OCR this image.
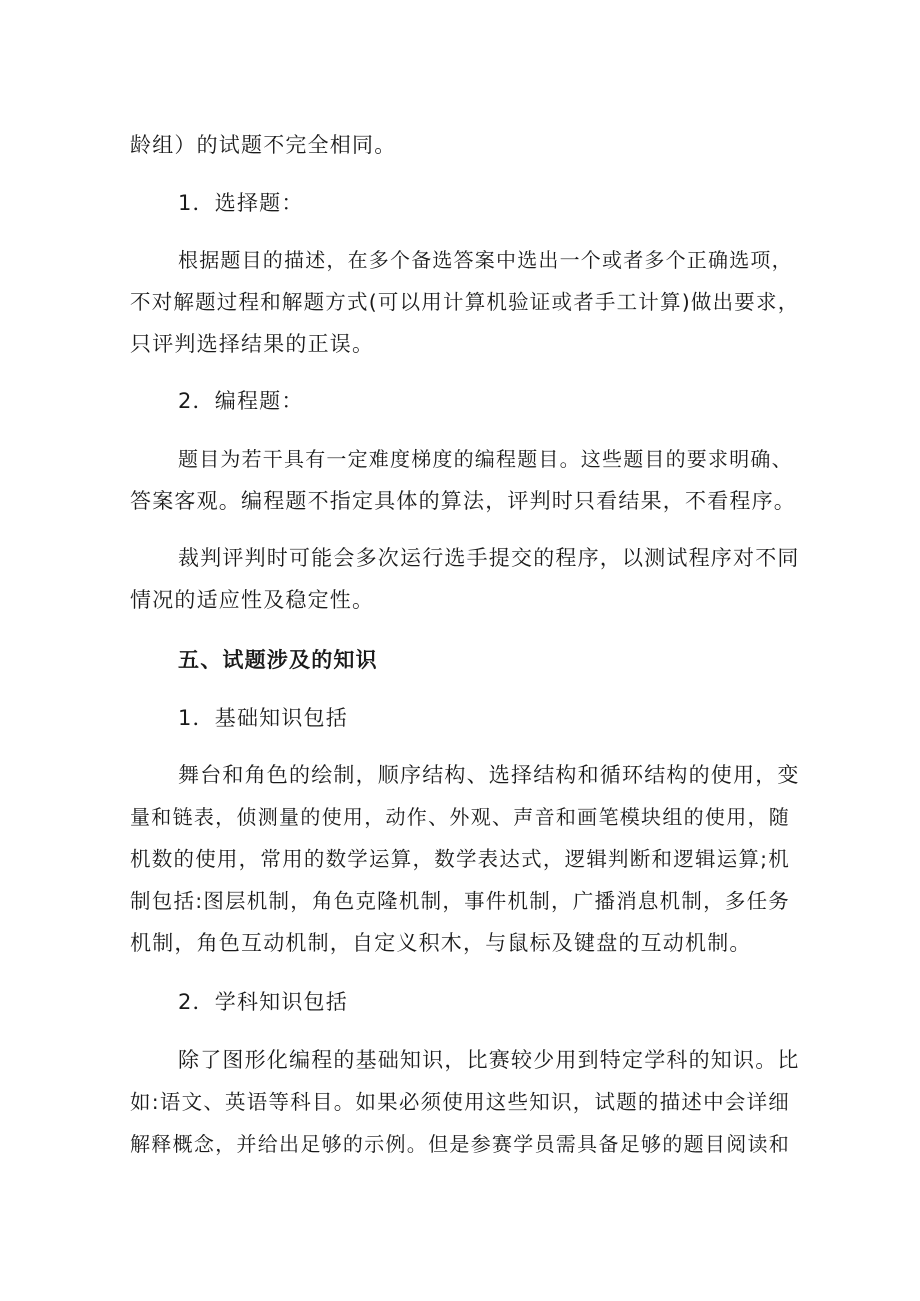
龄组）的试题不完全相同。
1．选择题：
根据题目的描述，在多个备选答案中选出一个或者多个正确选项，
不对解题过程和解题方式(可以用计算机验证或者手工计算)做出要求，
只评判选择结果的正误。
2．编程题：
题目为若干具有一定难度梯度的编程题目。这些题目的要求明确、
答案客观。编程题不指定具体的算法，评判时只看结果，不看程序。
裁判评判时可能会多次运行选手提交的程序，以测试程序对不同
情况的适应性及稳定性。
五、试题涉及的知识
1．基础知识包括
舞台和角色的绘制，顺序结构、选择结构和循环结构的使用，变
量和链表，侦测量的使用，动作、外观、声音和画笔模块组的使用，随
机数的使用，常用的数学运算，数学表达式，逻辑判断和逻辑运算;机
制包括:图层机制，角色克隆机制，事件机制，广播消息机制，多任务
机制，角色互动机制，自定义积木，与鼠标及键盘的互动机制。
2．学科知识包括
除了图形化编程的基础知识，比赛较少用到特定学科的知识。比
如:语文、英语等科目。如果必须使用这些知识，试题的描述中会详细
解释概念，并给出足够的示例。但是参赛学员需具备足够的题目阅读和
